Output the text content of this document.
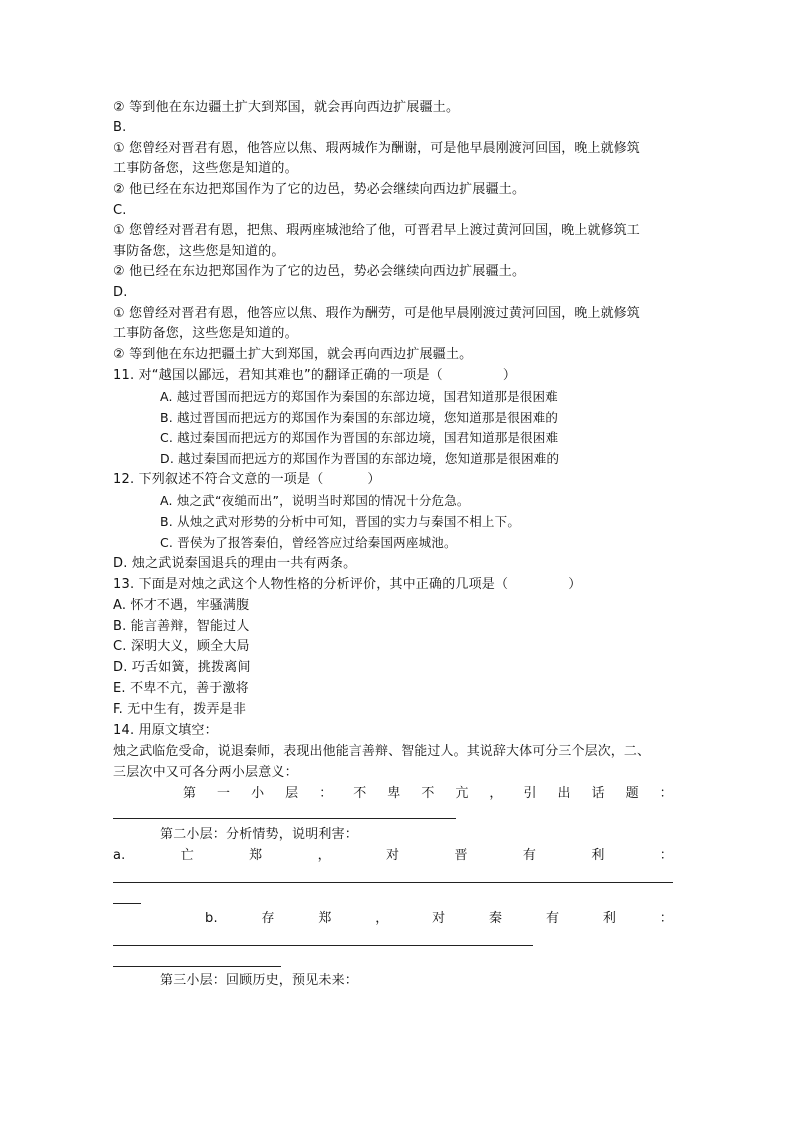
② 等到他在东边疆土扩大到郑国，就会再向西边扩展疆土。
B.
① 您曾经对晋君有恩，他答应以焦、瑕两城作为酬谢，可是他早晨刚渡河回国，晚上就修筑
工事防备您，这些您是知道的。
② 他已经在东边把郑国作为了它的边邑，势必会继续向西边扩展疆土。
C.
① 您曾经对晋君有恩，把焦、瑕两座城池给了他，可晋君早上渡过黄河回国，晚上就修筑工
事防备您，这些您是知道的。
② 他已经在东边把郑国作为了它的边邑，势必会继续向西边扩展疆土。
D.
① 您曾经对晋君有恩，他答应以焦、瑕作为酬劳，可是他早晨刚渡过黄河回国，晚上就修筑
工事防备您，这些您是知道的。
② 等到他在东边把疆土扩大到郑国，就会再向西边扩展疆土。
11. 对“越国以鄙远，君知其难也”的翻译正确的一项是（	）
A. 越过晋国而把远方的郑国作为秦国的东部边境，国君知道那是很困难
B. 越过晋国而把远方的郑国作为秦国的东部边境，您知道那是很困难的
C. 越过秦国而把远方的郑国作为晋国的东部边境，国君知道那是很困难
D. 越过秦国而把远方的郑国作为晋国的东部边境，您知道那是很困难的
12. 下列叙述不符合文意的一项是（	）
A. 烛之武“夜缒而出”，说明当时郑国的情况十分危急。
B. 从烛之武对形势的分析中可知，晋国的实力与秦国不相上下。
C. 晋侯为了报答秦伯，曾经答应过给秦国两座城池。
D. 烛之武说秦国退兵的理由一共有两条。
13. 下面是对烛之武这个人物性格的分析评价，其中正确的几项是（	）
A. 怀才不遇，牢骚满腹
B. 能言善辩，智能过人
C. 深明大义，顾全大局
D. 巧舌如簧，挑拨离间
E. 不卑不亢，善于激将
F. 无中生有，拨弄是非
14. 用原文填空：
烛之武临危受命，说退秦师，表现出他能言善辩、智能过人。其说辞大体可分三个层次，二、
三层次中又可各分两小层意义：
第 一 小 层 ： 不 卑 不 亢 ， 引 出 话 题 ：
第二小层：分析情势，说明利害：
a.	亡	郑	，	对	晋	有	利	：
b.	存	郑	，	对	秦	有	利	：
第三小层：回顾历史，预见未来：
